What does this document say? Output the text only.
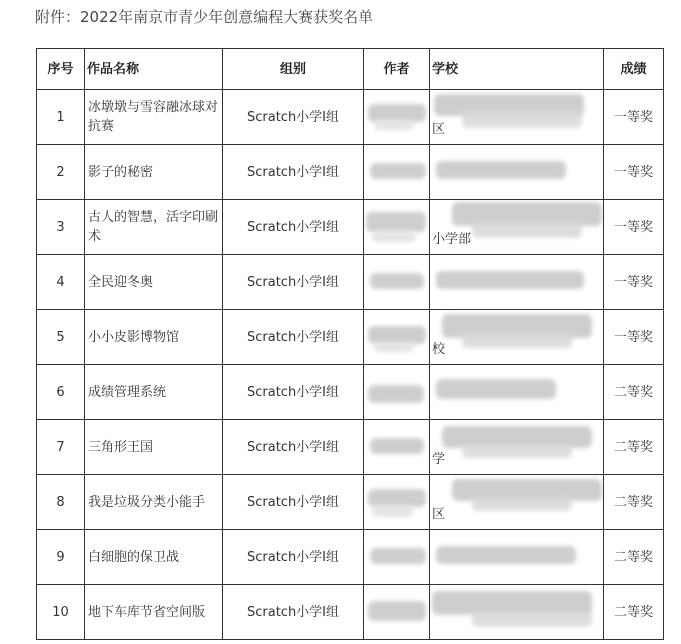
附件：2022年南京市青少年创意编程大赛获奖名单
序号	作品名称	组别	作者	学校	成绩
1	冰墩墩与雪容融冰球对抗赛	Scratch小学I组		区	一等奖
2	影子的秘密	Scratch小学I组			一等奖
3	古人的智慧，活字印刷术	Scratch小学I组		小学部	一等奖
4	全民迎冬奥	Scratch小学I组			一等奖
5	小小皮影博物馆	Scratch小学I组		校	一等奖
6	成绩管理系统	Scratch小学I组			二等奖
7	三角形王国	Scratch小学I组		学	二等奖
8	我是垃圾分类小能手	Scratch小学I组		区	二等奖
9	白细胞的保卫战	Scratch小学I组			二等奖
10	地下车库节省空间版	Scratch小学I组			二等奖
